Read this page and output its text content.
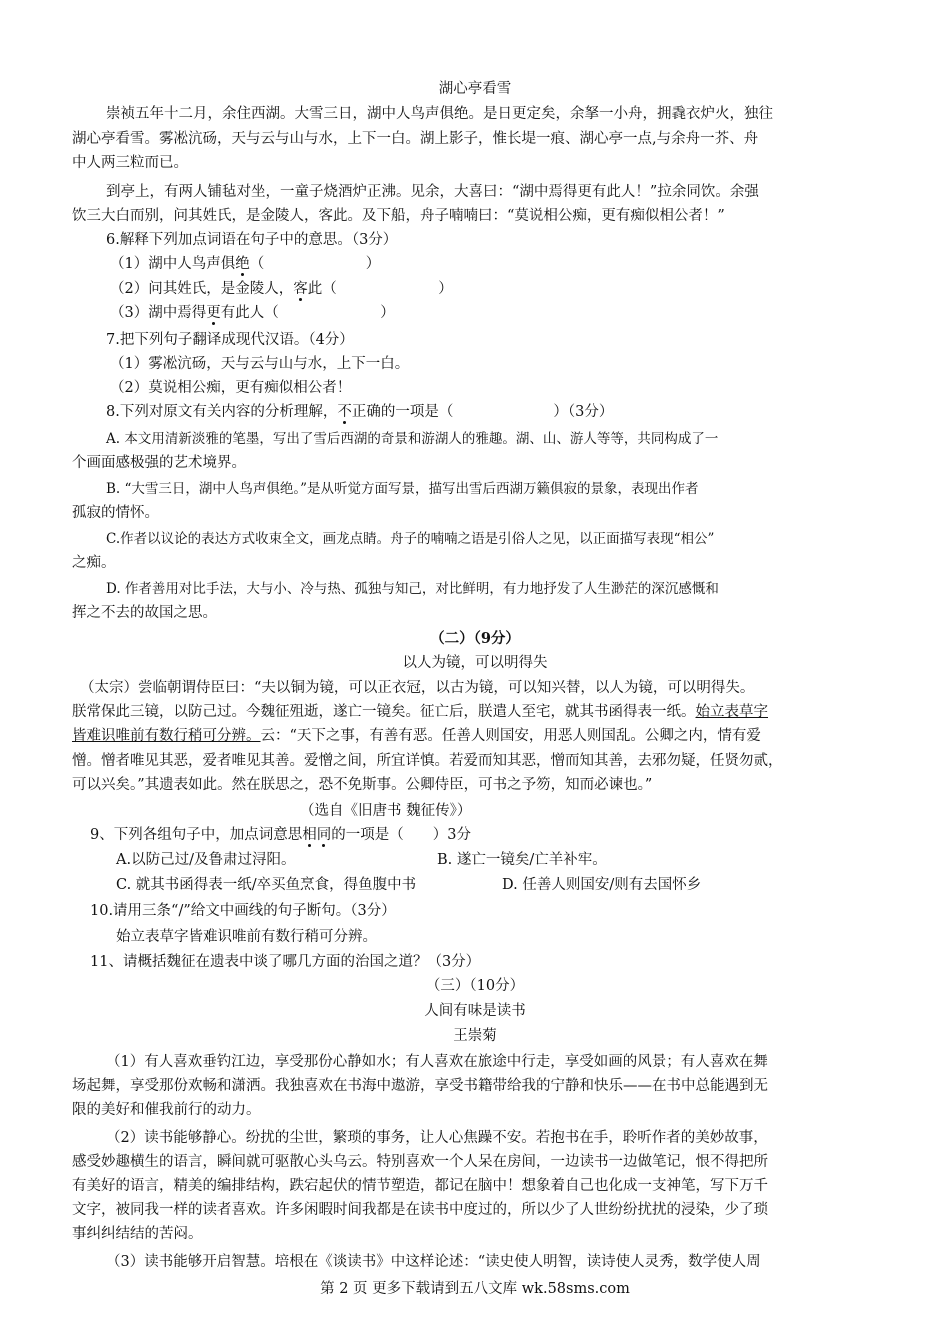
湖心亭看雪
崇祯五年十二月，余住西湖。大雪三日，湖中人鸟声俱绝。是日更定矣，余拏一小舟，拥毳衣炉火，独往
湖心亭看雪。雾凇沆砀，天与云与山与水，上下一白。湖上影子，惟长堤一痕、湖心亭一点,与余舟一芥、舟
中人两三粒而已。
到亭上，有两人铺毡对坐，一童子烧酒炉正沸。见余，大喜曰：“湖中焉得更有此人！”拉余同饮。余强
饮三大白而别，问其姓氏，是金陵人，客此。及下船，舟子喃喃曰：“莫说相公痴，更有痴似相公者！”
6.解释下列加点词语在句子中的意思。（3分）
（1）湖中人鸟声俱绝（　　　　　　　）
（2）问其姓氏，是金陵人，客此（　　　　　　　）
（3）湖中焉得更有此人（　　　　　　　）
7.把下列句子翻译成现代汉语。（4分）
（1）雾凇沆砀，天与云与山与水，上下一白。
（2）莫说相公痴，更有痴似相公者！
8.下列对原文有关内容的分析理解，不正确的一项是（	）（3分）
A. 本文用清新淡雅的笔墨，写出了雪后西湖的奇景和游湖人的雅趣。湖、山、游人等等，共同构成了一
个画面感极强的艺术境界。
B. “大雪三日，湖中人鸟声俱绝。”是从听觉方面写景，描写出雪后西湖万籁俱寂的景象，表现出作者
孤寂的情怀。
C.作者以议论的表达方式收束全文，画龙点睛。舟子的喃喃之语是引俗人之见，以正面描写表现“相公”
之痴。
D. 作者善用对比手法，大与小、冷与热、孤独与知己，对比鲜明，有力地抒发了人生渺茫的深沉感慨和
挥之不去的故国之思。
（二）（9分）
以人为镜，可以明得失
（太宗）尝临朝谓侍臣曰：“夫以铜为镜，可以正衣冠，以古为镜，可以知兴替，以人为镜，可以明得失。
朕常保此三镜，以防己过。今魏征殂逝，遂亡一镜矣。征亡后，朕遣人至宅，就其书函得表一纸。始立表草字
皆难识唯前有数行稍可分辨。云：“天下之事，有善有恶。任善人则国安，用恶人则国乱。公卿之内，情有爱
憎。憎者唯见其恶，爱者唯见其善。爱憎之间，所宜详慎。若爱而知其恶，憎而知其善，去邪勿疑，任贤勿贰，
可以兴矣。”其遗表如此。然在朕思之，恐不免斯事。公卿侍臣，可书之予笏，知而必谏也。”
（选自《旧唐书 魏征传》）
9、下列各组句子中，加点词意思相同的一项是（　　）3分
A.以防己过/及鲁肃过浔阳。	B. 遂亡一镜矣/亡羊补牢。
C. 就其书函得表一纸/卒买鱼烹食，得鱼腹中书	D. 任善人则国安/则有去国怀乡
10.请用三条“/”给文中画线的句子断句。（3分）
始立表草字皆难识唯前有数行稍可分辨。
11、请概括魏征在遗表中谈了哪几方面的治国之道？（3分）
（三）（10分）
人间有味是读书
王崇菊
（1）有人喜欢垂钓江边，享受那份心静如水；有人喜欢在旅途中行走，享受如画的风景；有人喜欢在舞
场起舞，享受那份欢畅和潇洒。我独喜欢在书海中遨游，享受书籍带给我的宁静和快乐——在书中总能遇到无
限的美好和催我前行的动力。
（2）读书能够静心。纷扰的尘世，繁琐的事务，让人心焦躁不安。若抱书在手，聆听作者的美妙故事，
感受妙趣横生的语言，瞬间就可驱散心头乌云。特别喜欢一个人呆在房间，一边读书一边做笔记，恨不得把所
有美好的语言，精美的编排结构，跌宕起伏的情节塑造，都记在脑中！想象着自己也化成一支神笔，写下万千
文字，被同我一样的读者喜欢。许多闲暇时间我都是在读书中度过的，所以少了人世纷纷扰扰的浸染，少了琐
事纠纠结结的苦闷。
（3）读书能够开启智慧。培根在《谈读书》中这样论述：“读史使人明智，读诗使人灵秀，数学使人周
第 2 页 更多下载请到五八文库 wk.58sms.com
